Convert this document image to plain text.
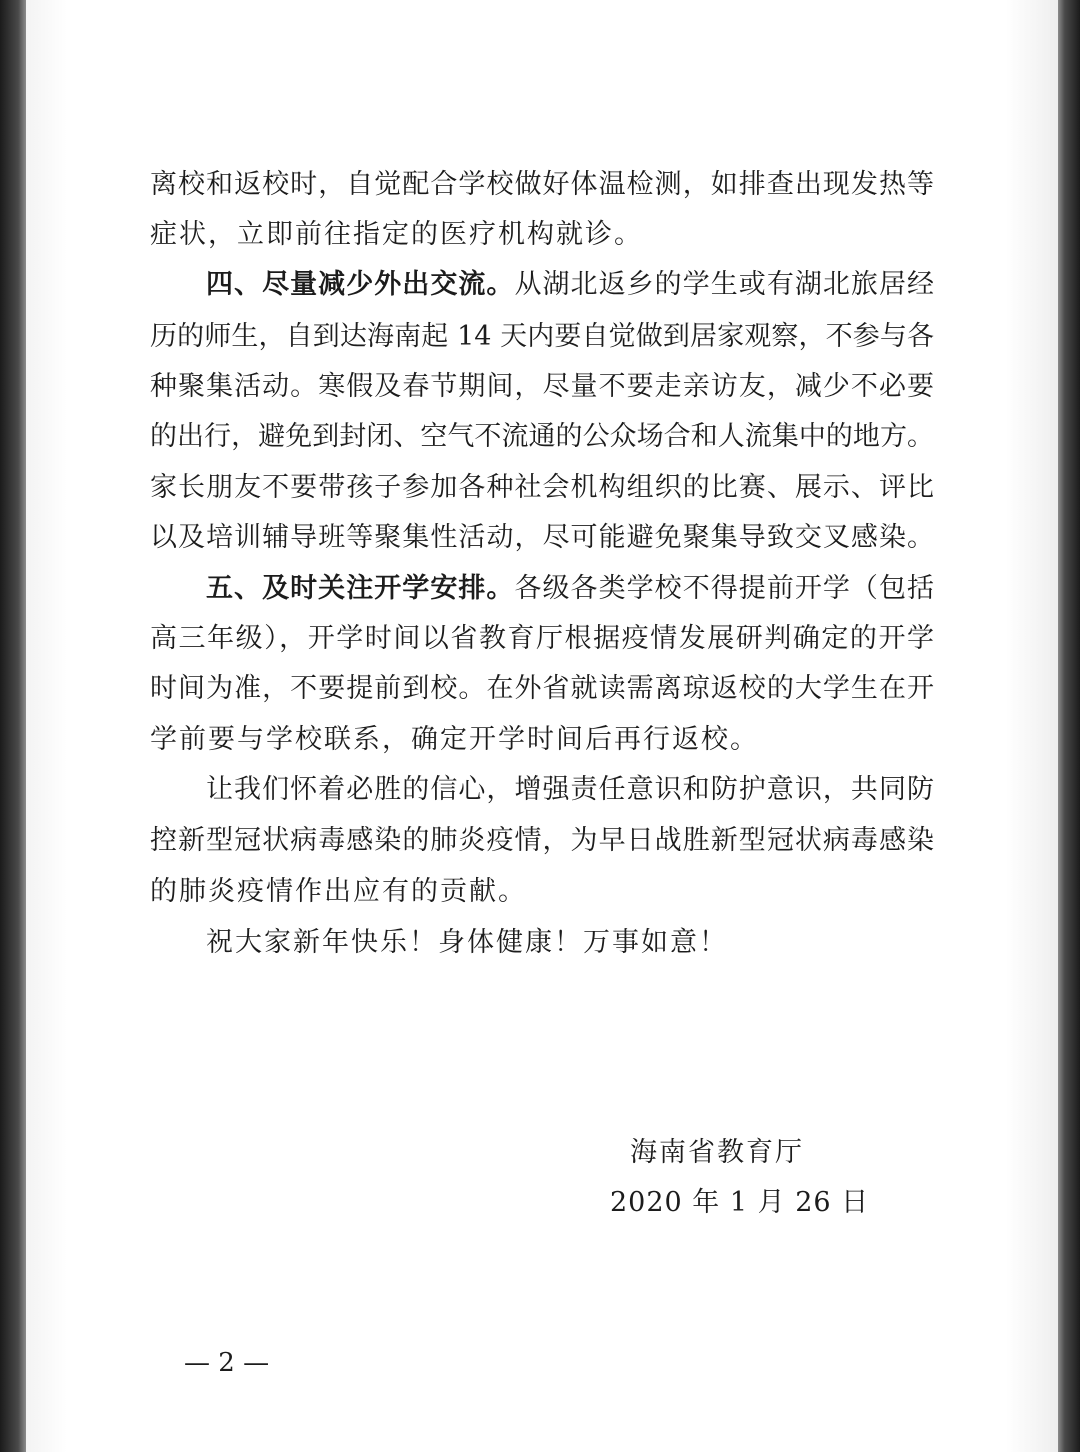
离校和返校时，自觉配合学校做好体温检测，如排查出现发热等
症状，立即前往指定的医疗机构就诊。
四、尽量减少外出交流。从湖北返乡的学生或有湖北旅居经
历的师生，自到达海南起 14 天内要自觉做到居家观察，不参与各
种聚集活动。寒假及春节期间，尽量不要走亲访友，减少不必要
的出行，避免到封闭、空气不流通的公众场合和人流集中的地方。
家长朋友不要带孩子参加各种社会机构组织的比赛、展示、评比
以及培训辅导班等聚集性活动，尽可能避免聚集导致交叉感染。
五、及时关注开学安排。各级各类学校不得提前开学（包括
高三年级），开学时间以省教育厅根据疫情发展研判确定的开学
时间为准，不要提前到校。在外省就读需离琼返校的大学生在开
学前要与学校联系，确定开学时间后再行返校。
让我们怀着必胜的信心，增强责任意识和防护意识，共同防
控新型冠状病毒感染的肺炎疫情，为早日战胜新型冠状病毒感染
的肺炎疫情作出应有的贡献。
祝大家新年快乐！身体健康！万事如意！
海南省教育厅
2020 年 1 月 26 日
— 2 —
